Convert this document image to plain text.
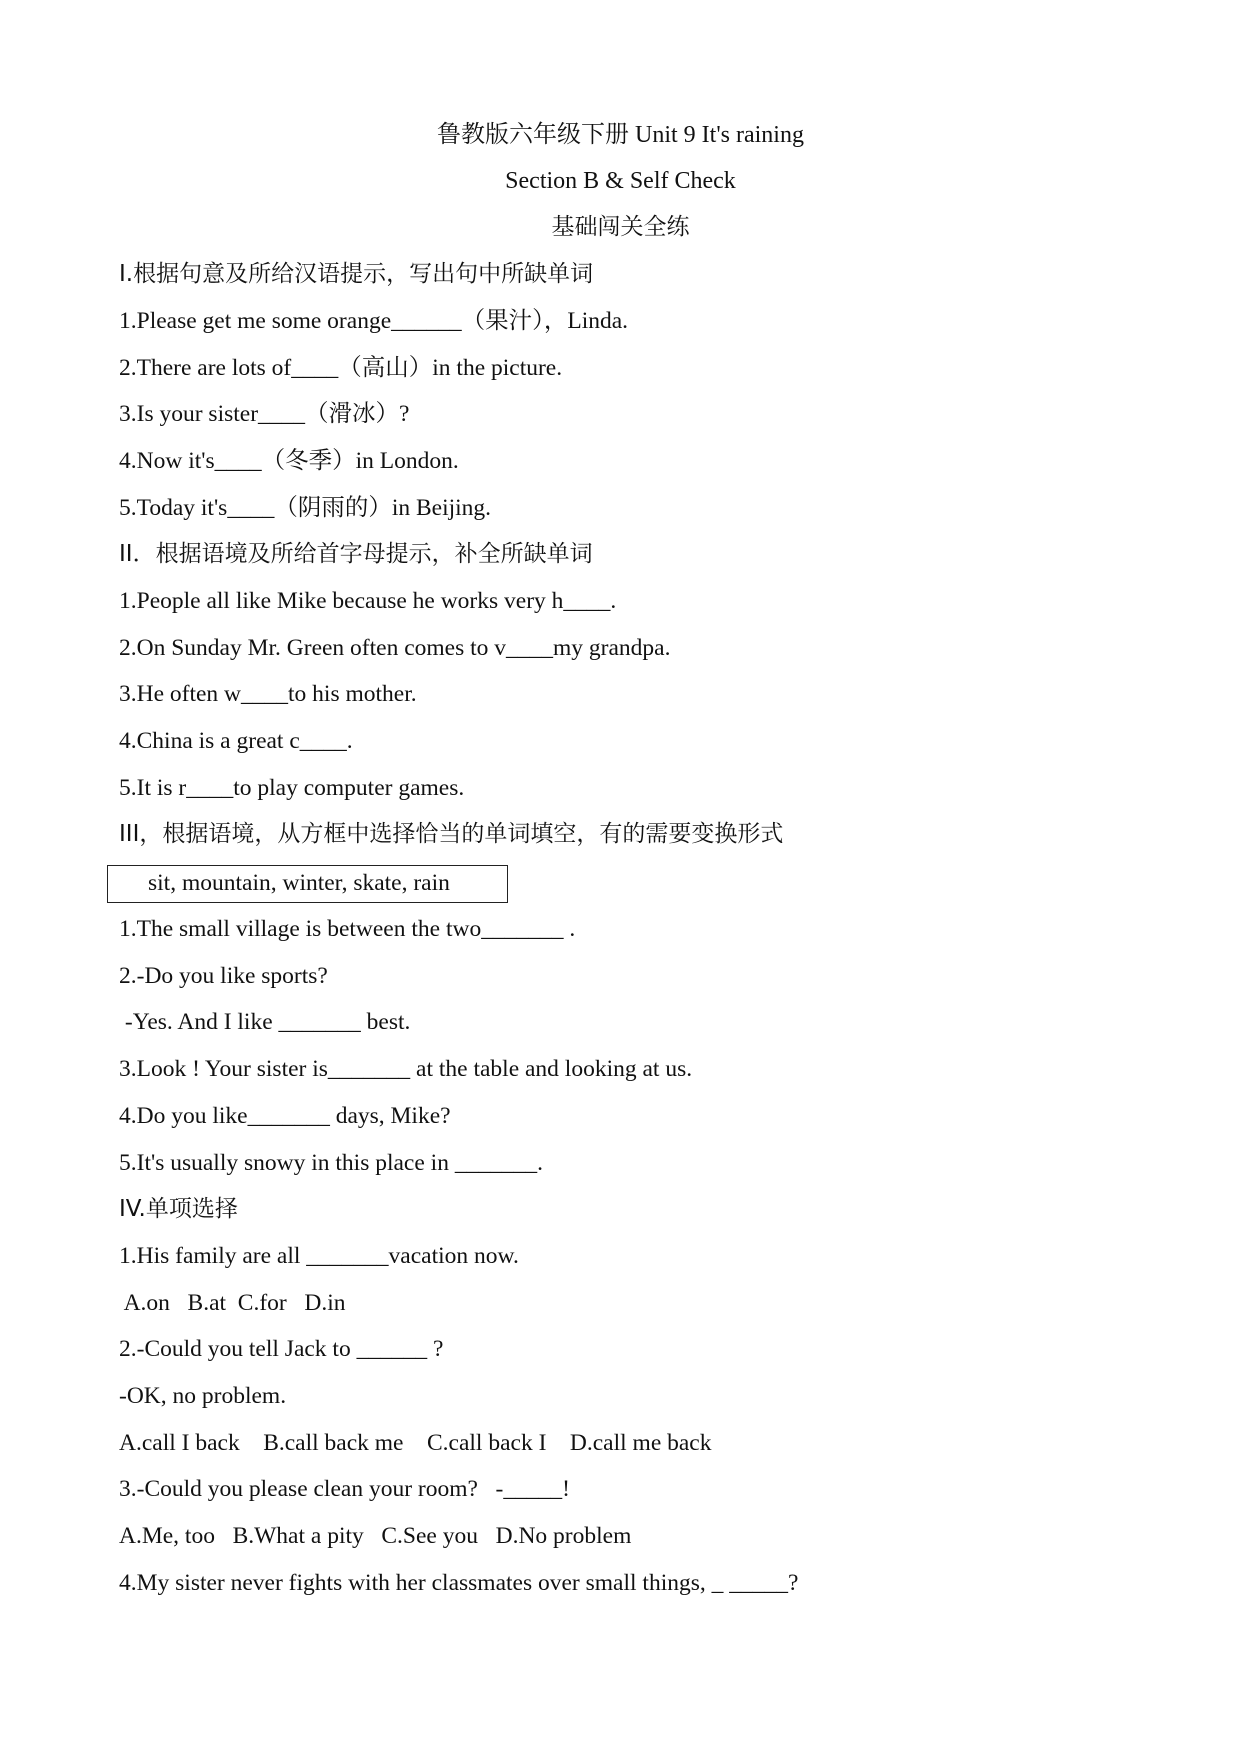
鲁教版六年级下册 Unit 9 It's raining
Section B & Self Check
基础闯关全练
I.根据句意及所给汉语提示，写出句中所缺单词
1.Please get me some orange______（果汁），Linda.
2.There are lots of____（高山）in the picture.
3.Is your sister____（滑冰）?
4.Now it's____（冬季）in London.
5.Today it's____（阴雨的）in Beijing.
II．根据语境及所给首字母提示，补全所缺单词
1.People all like Mike because he works very h____.
2.On Sunday Mr. Green often comes to v____my grandpa.
3.He often w____to his mother.
4.China is a great c____.
5.It is r____to play computer games.
III，根据语境，从方框中选择恰当的单词填空，有的需要变换形式
sit, mountain, winter, skate, rain
1.The small village is between the two_______ .
2.-Do you like sports?
-Yes. And I like _______ best.
3.Look ! Your sister is_______ at the table and looking at us.
4.Do you like_______ days, Mike?
5.It's usually snowy in this place in _______.
IV.单项选择
1.His family are all _______vacation now.
A.on   B.at  C.for   D.in
2.-Could you tell Jack to ______ ?
-OK, no problem.
A.call I back    B.call back me    C.call back I    D.call me back
3.-Could you please clean your room?   -_____!
A.Me, too   B.What a pity   C.See you   D.No problem
4.My sister never fights with her classmates over small things, _ _____?
